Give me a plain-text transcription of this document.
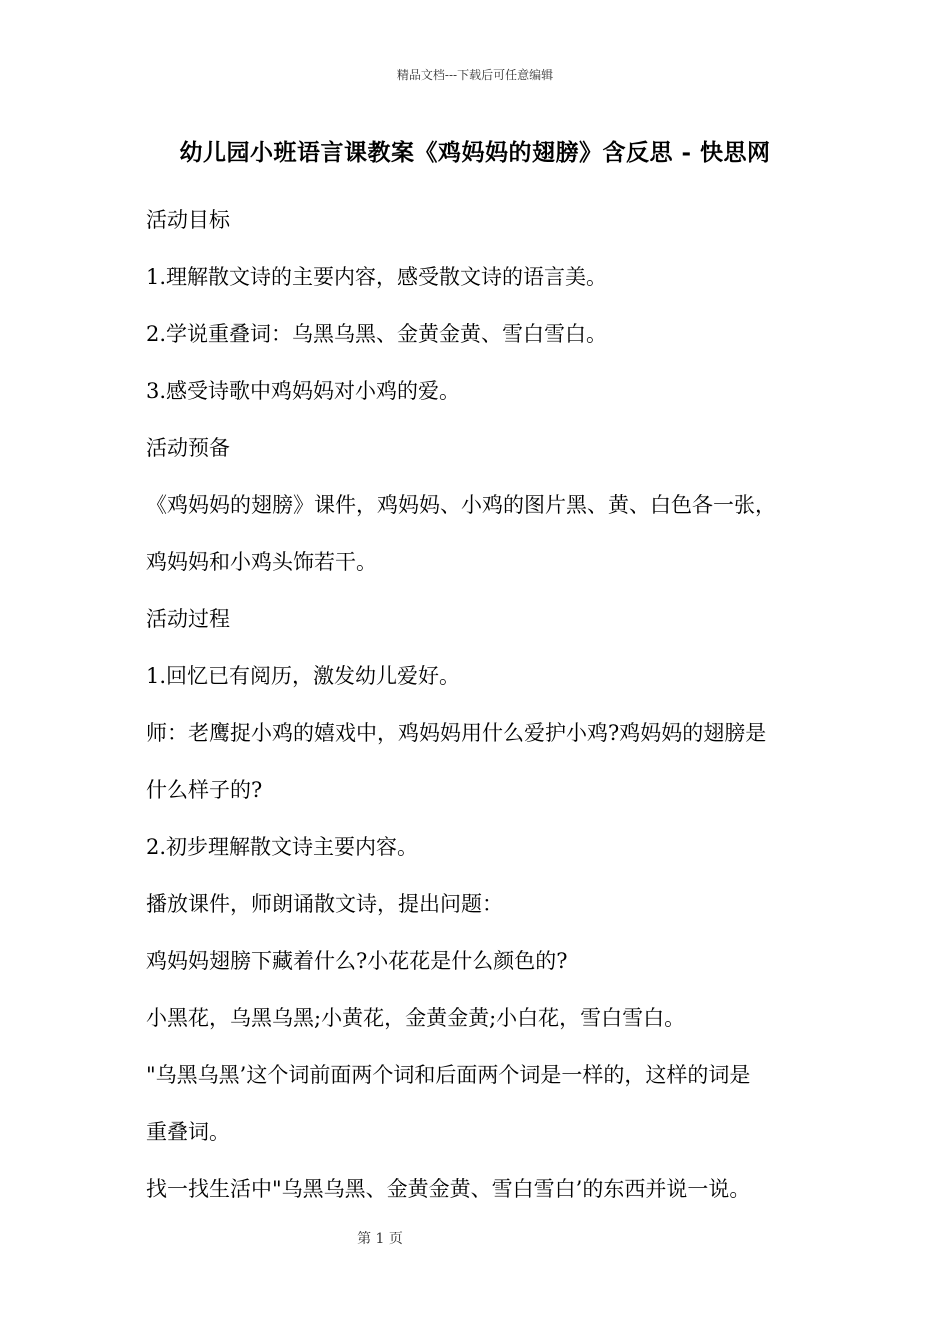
精品文档---下载后可任意编辑
幼儿园小班语言课教案《鸡妈妈的翅膀》含反思 - 快思网
活动目标
1.理解散文诗的主要内容，感受散文诗的语言美。
2.学说重叠词：乌黑乌黑、金黄金黄、雪白雪白。
3.感受诗歌中鸡妈妈对小鸡的爱。
活动预备
《鸡妈妈的翅膀》课件，鸡妈妈、小鸡的图片黑、黄、白色各一张，
鸡妈妈和小鸡头饰若干。
活动过程
1.回忆已有阅历，激发幼儿爱好。
师：老鹰捉小鸡的嬉戏中，鸡妈妈用什么爱护小鸡?鸡妈妈的翅膀是
什么样子的?
2.初步理解散文诗主要内容。
播放课件，师朗诵散文诗，提出问题：
鸡妈妈翅膀下藏着什么?小花花是什么颜色的?
小黑花，乌黑乌黑;小黄花，金黄金黄;小白花，雪白雪白。
"乌黑乌黑’这个词前面两个词和后面两个词是一样的，这样的词是
重叠词。
找一找生活中"乌黑乌黑、金黄金黄、雪白雪白’的东西并说一说。
第 1 页
